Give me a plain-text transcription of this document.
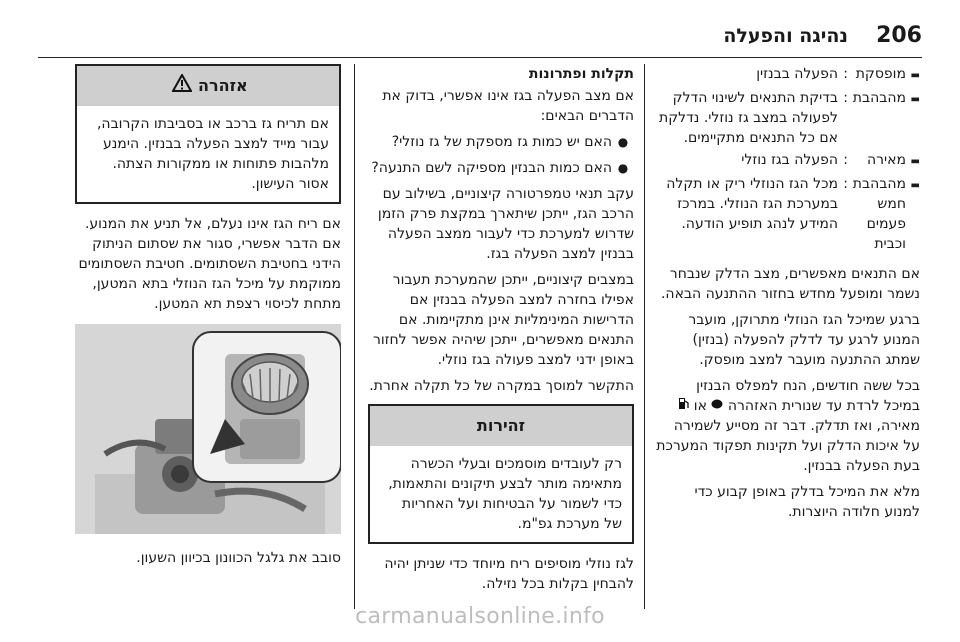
206
נהיגה והפעלה
▬
מופסקת
:
הפעלה בבנזין
▬
מהבהבת
:
בדיקת התנאים לשינוי הדלק לפעולה במצב גז נוזלי. נדלקת אם כל התנאים מתקיימים.
▬
מאירה
:
הפעלה בגז נוזלי
▬
מהבהבת
חמש פעמים וכבית
:
מכל הגז הנוזלי ריק או תקלה במערכת הגז הנוזלי. במרכז המידע לנהג תופיע הודעה.

אם התנאים מאפשרים, מצב הדלק שנבחר נשמר ומופעל מחדש בחזור ההתנעה הבאה.

ברגע שמיכל הגז הנוזלי מתרוקן, מועבר המנוע לרגע עד לדלק להפעלה (בנזין) שמתג ההתנעה מועבר למצב מופסק.

בכל ששה חודשים, הנח למפלס הבנזין במיכל לרדת עד שנורית האזהרה  או  מאירה, ואז תדלק. דבר זה מסייע לשמירה על איכות הדלק ועל תקינות תפקוד המערכת בעת הפעלה בבנזין.

מלא את המיכל בדלק באופן קבוע כדי למנוע חלודה היוצרות.

תקלות ופתרונות

אם מצב הפעלה בגז אינו אפשרי, בדוק את הדברים הבאים:

●
האם יש כמות גז מספקת של גז נוזלי?
●
האם כמות הבנזין מספיקה לשם התנעה?

עקב תנאי טמפרטורה קיצוניים, בשילוב עם הרכב הגז, ייתכן שיתארך במקצת פרק הזמן שדרוש למערכת כדי לעבור ממצב הפעלה בבנזין למצב הפעלה בגז.

במצבים קיצוניים, ייתכן שהמערכת תעבור אפילו בחזרה למצב הפעלה בבנזין אם הדרישות המינימליות אינן מתקיימות. אם התנאים מאפשרים, ייתכן שיהיה אפשר לחזור באופן ידני למצב פעולה בגז נוזלי.

התקשר למוסך במקרה של כל תקלה אחרת.

זהירות
רק לעובדים מוסמכים ובעלי הכשרה מתאימה מותר לבצע תיקונים והתאמות, כדי לשמור על הבטיחות ועל האחריות של מערכת גפ"מ.

לגז נוזלי מוסיפים ריח מיוחד כדי שניתן יהיה להבחין בקלות בכל נזילה.

אזהרה
אם תריח גז ברכב או בסביבתו הקרובה, עבור מייד למצב הפעלה בבנזין. הימנע מלהבות פתוחות או ממקורות הצתה. אסור העישון.

אם ריח הגז אינו נעלם, אל תניע את המנוע. אם הדבר אפשרי, סגור את שסתום הניתוק הידני בחטיבת השסתומים. חטיבת השסתומים ממוקמת על מיכל הגז הנוזלי בתא המטען, מתחת לכיסוי רצפת תא המטען.

סובב את גלגל הכוונון בכיוון השעון.

carmanualsonline.info
